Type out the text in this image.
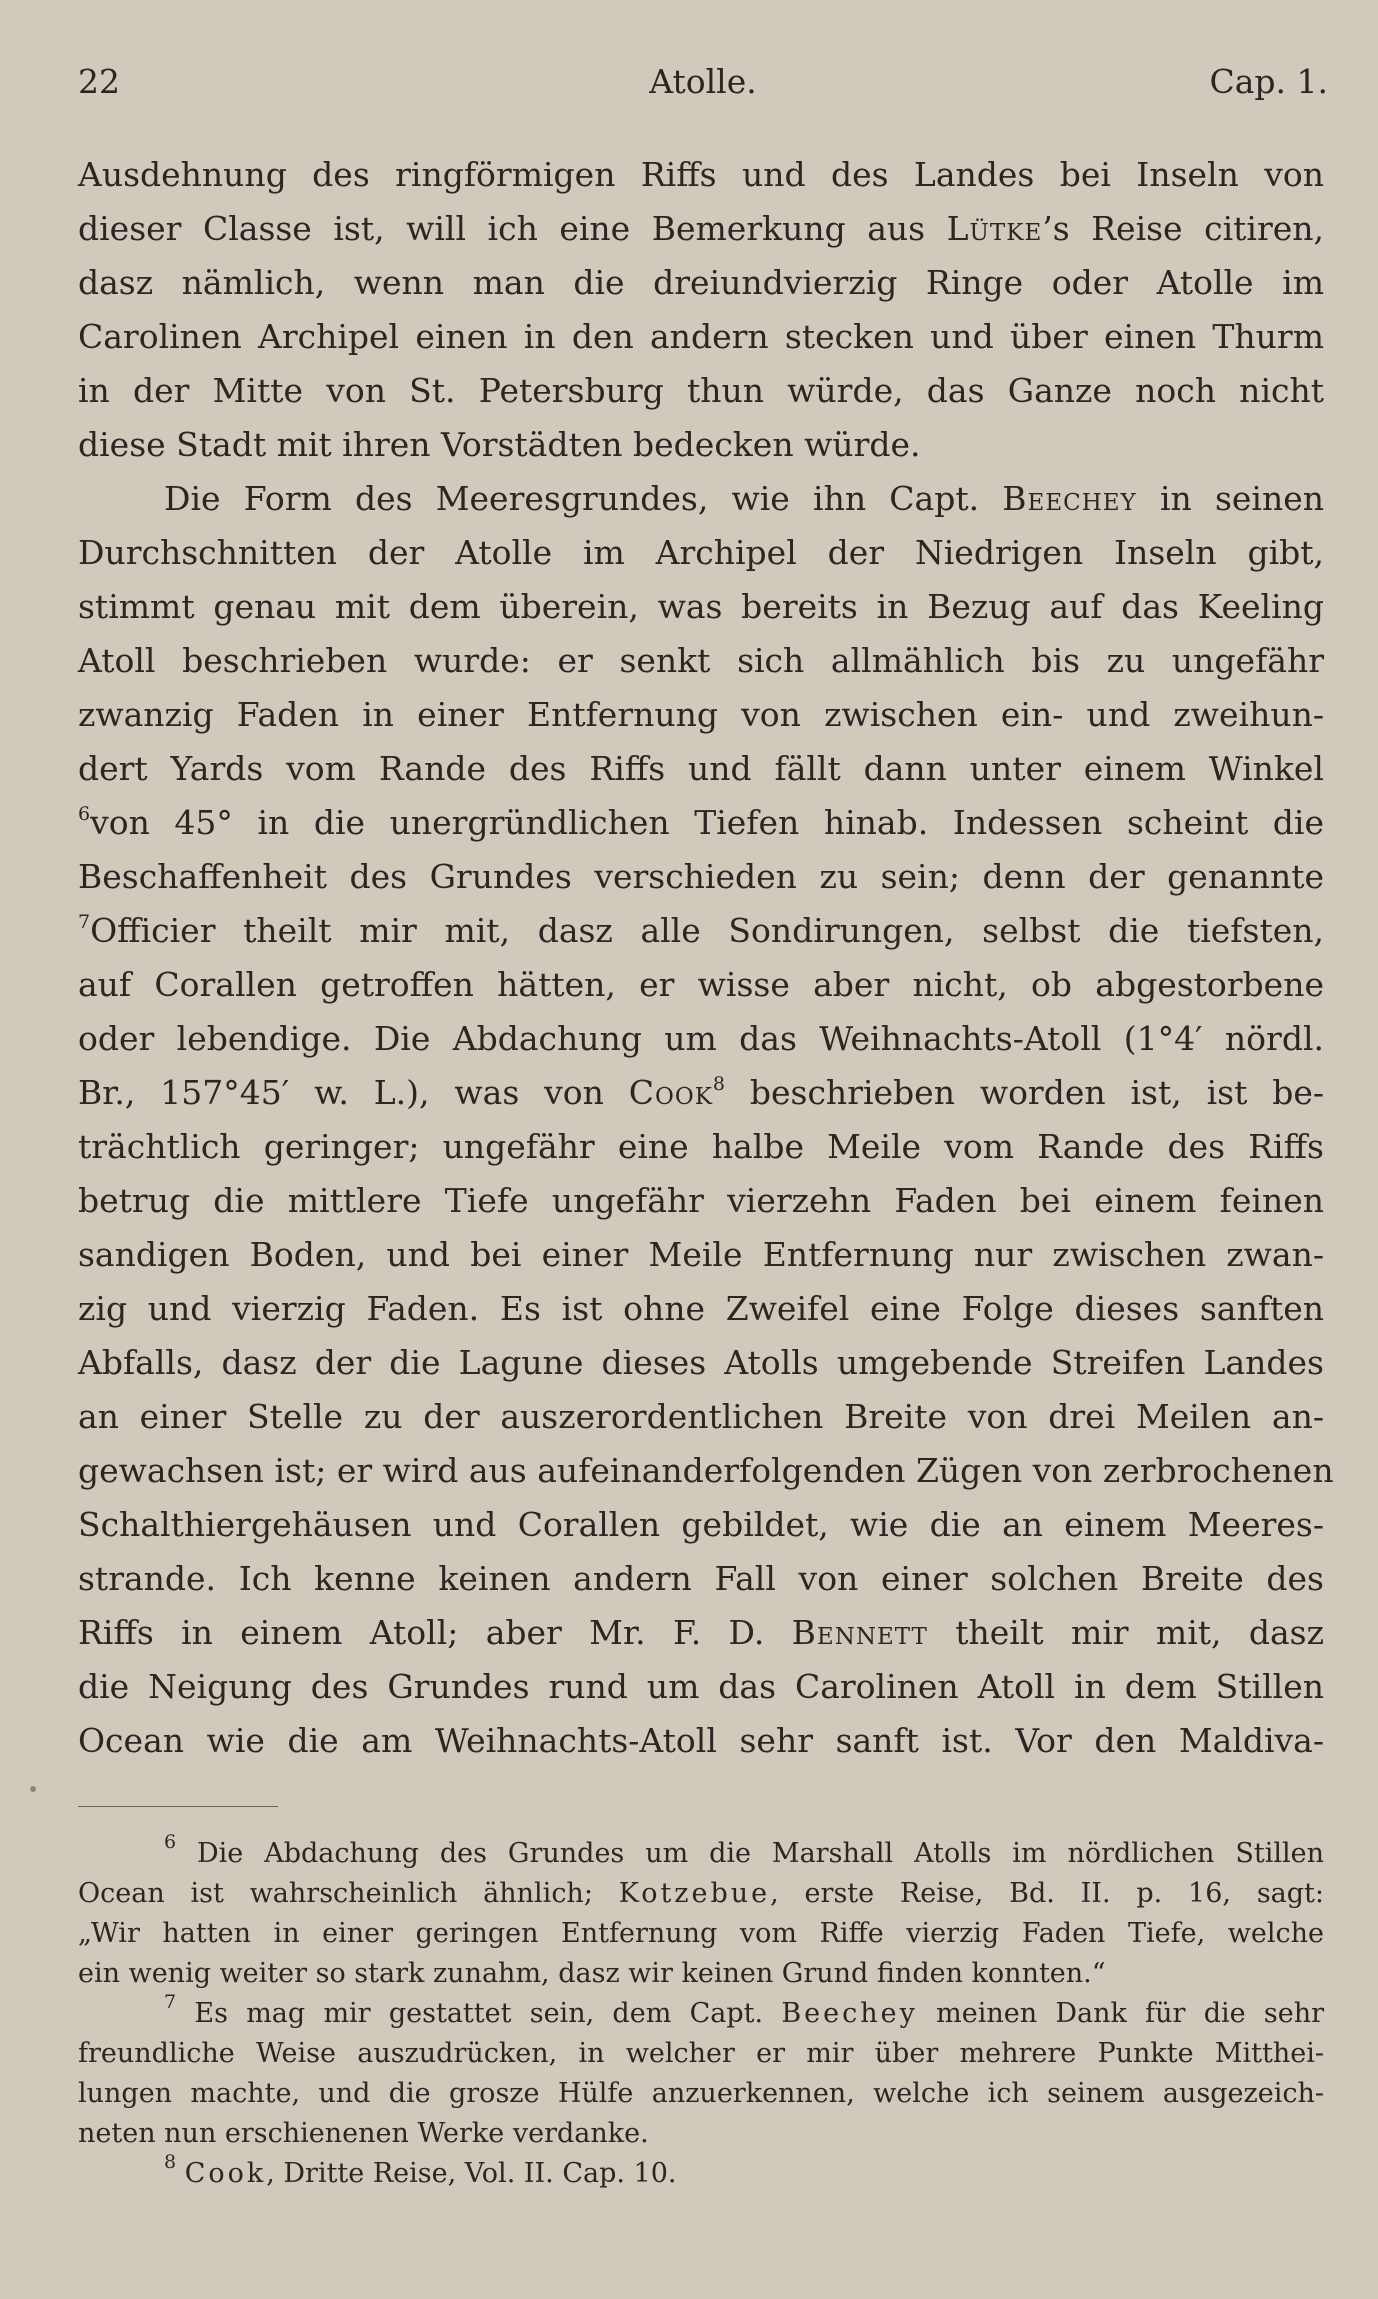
22	Atolle.	Cap. 1.
Ausdehnung des ringförmigen Riffs und des Landes bei Inseln von
dieser Classe ist, will ich eine Bemerkung aus Lütke’s Reise citiren,
dasz nämlich, wenn man die dreiundvierzig Ringe oder Atolle im
Carolinen Archipel einen in den andern stecken und über einen Thurm
in der Mitte von St. Petersburg thun würde, das Ganze noch nicht
diese Stadt mit ihren Vorstädten bedecken würde.
Die Form des Meeresgrundes, wie ihn Capt. Beechey in seinen
Durchschnitten der Atolle im Archipel der Niedrigen Inseln gibt,
stimmt genau mit dem überein, was bereits in Bezug auf das Keeling
Atoll beschrieben wurde: er senkt sich allmählich bis zu ungefähr
zwanzig Faden in einer Entfernung von zwischen ein- und zweihun-
dert Yards vom Rande des Riffs und fällt dann unter einem Winkel
$^6$von 45° in die unergründlichen Tiefen hinab. Indessen scheint die
Beschaffenheit des Grundes verschieden zu sein; denn der genannte
$^7$Officier theilt mir mit, dasz alle Sondirungen, selbst die tiefsten,
auf Corallen getroffen hätten, er wisse aber nicht, ob abgestorbene
oder lebendige. Die Abdachung um das Weihnachts-Atoll (1°4′ nördl.
Br., 157°45′ w. L.), was von Cook$^8$ beschrieben worden ist, ist be-
trächtlich geringer; ungefähr eine halbe Meile vom Rande des Riffs
betrug die mittlere Tiefe ungefähr vierzehn Faden bei einem feinen
sandigen Boden, und bei einer Meile Entfernung nur zwischen zwan-
zig und vierzig Faden. Es ist ohne Zweifel eine Folge dieses sanften
Abfalls, dasz der die Lagune dieses Atolls umgebende Streifen Landes
an einer Stelle zu der auszerordentlichen Breite von drei Meilen an-
gewachsen ist; er wird aus aufeinanderfolgenden Zügen von zerbrochenen
Schalthiergehäusen und Corallen gebildet, wie die an einem Meeres-
strande. Ich kenne keinen andern Fall von einer solchen Breite des
Riffs in einem Atoll; aber Mr. F. D. Bennett theilt mir mit, dasz
die Neigung des Grundes rund um das Carolinen Atoll in dem Stillen
Ocean wie die am Weihnachts-Atoll sehr sanft ist. Vor den Maldiva-
$^6$ Die Abdachung des Grundes um die Marshall Atolls im nördlichen Stillen
Ocean ist wahrscheinlich ähnlich; Kotzebue, erste Reise, Bd. II. p. 16, sagt:
„Wir hatten in einer geringen Entfernung vom Riffe vierzig Faden Tiefe, welche
ein wenig weiter so stark zunahm, dasz wir keinen Grund finden konnten.“
$^7$ Es mag mir gestattet sein, dem Capt. Beechey meinen Dank für die sehr
freundliche Weise auszudrücken, in welcher er mir über mehrere Punkte Mitthei-
lungen machte, und die grosze Hülfe anzuerkennen, welche ich seinem ausgezeich-
neten nun erschienenen Werke verdanke.
$^8$ Cook, Dritte Reise, Vol. II. Cap. 10.
